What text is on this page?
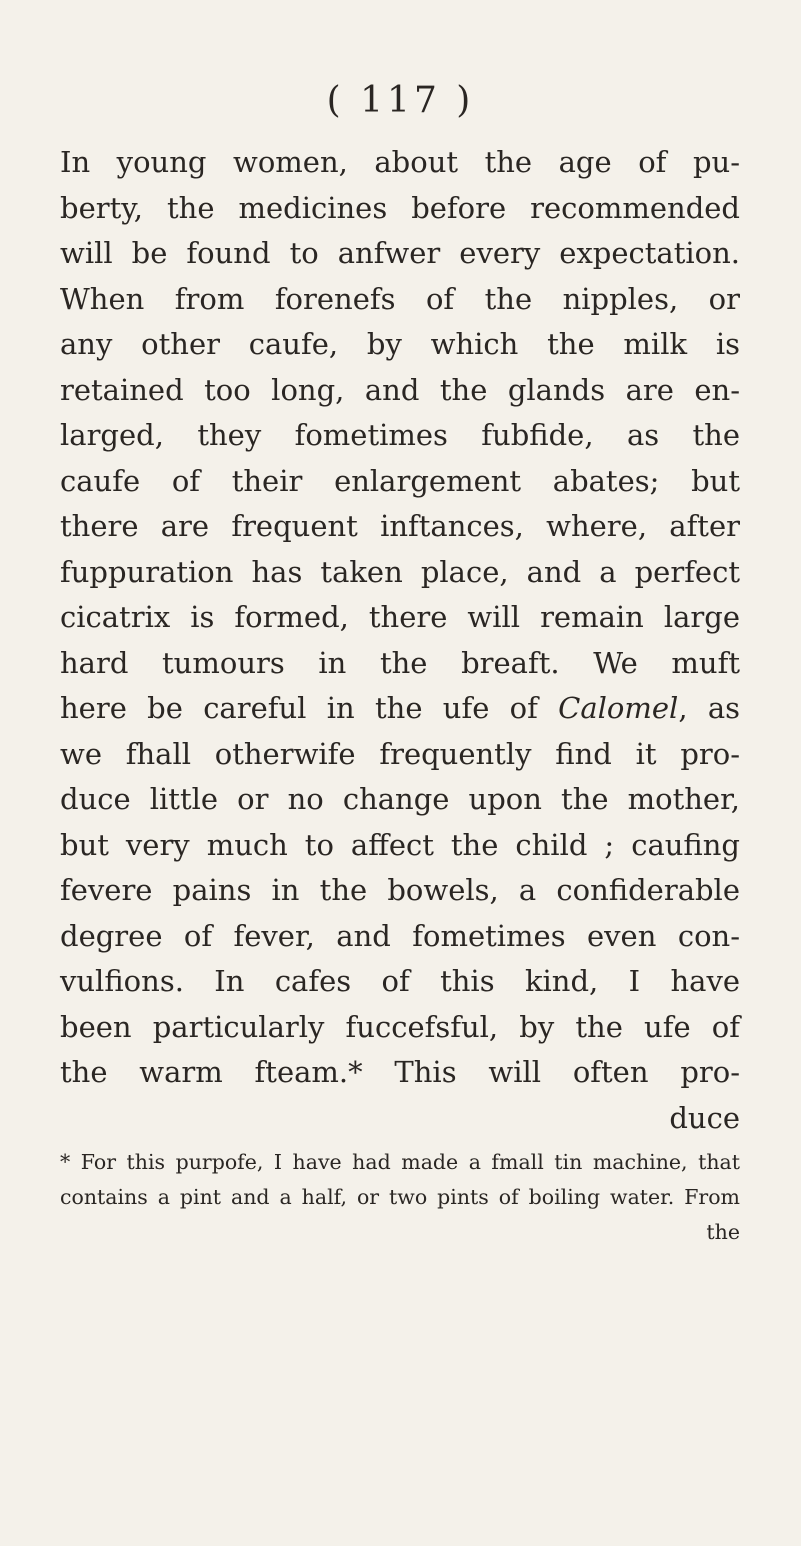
( 117 )
In young women, about the age of pu-
berty, the medicines before recommended
will be found to anfwer every expectation.
When from forenefs of the nipples, or
any other caufe, by which the milk is
retained too long, and the glands are en-
larged, they fometimes fubfide, as the
caufe of their enlargement abates; but
there are frequent inftances, where, after
fuppuration has taken place, and a perfect
cicatrix is formed, there will remain large
hard tumours in the breaft. We muft
here be careful in the ufe of Calomel, as
we fhall otherwife frequently find it pro-
duce little or no change upon the mother,
but very much to affect the child ; caufing
fevere pains in the bowels, a confiderable
degree of fever, and fometimes even con-
vulfions. In cafes of this kind, I have
been particularly fuccefsful, by the ufe of
the warm fteam.* This will often pro-
duce
* For this purpofe, I have had made a fmall tin machine, that
contains a pint and a half, or two pints of boiling water. From
the
